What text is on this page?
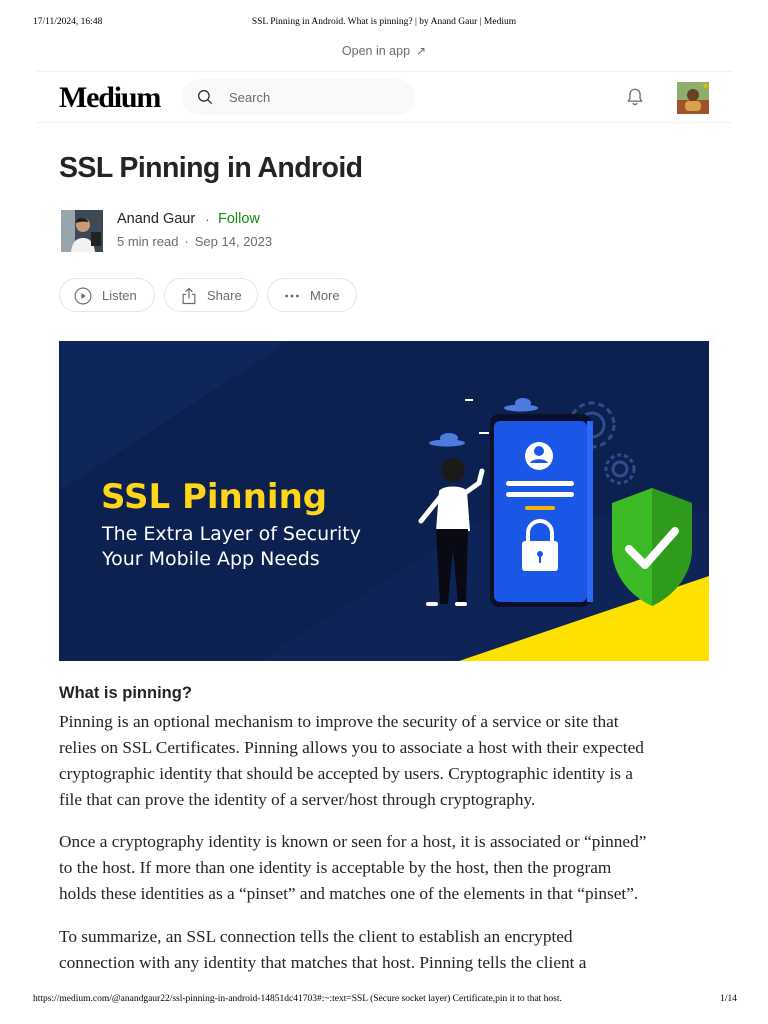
17/11/2024, 16:48	SSL Pinning in Android. What is pinning? | by Anand Gaur | Medium
Open in app ↗
Medium	Search
✦
SSL Pinning in Android
Anand Gaur · Follow
5 min read · Sep 14, 2023
Listen	Share	More
SSL Pinning
The Extra Layer of Security
Your Mobile App Needs
What is pinning?
Pinning is an optional mechanism to improve the security of a service or site that
relies on SSL Certificates. Pinning allows you to associate a host with their expected
cryptographic identity that should be accepted by users. Cryptographic identity is a
file that can prove the identity of a server/host through cryptography.
Once a cryptography identity is known or seen for a host, it is associated or “pinned”
to the host. If more than one identity is acceptable by the host, then the program
holds these identities as a “pinset” and matches one of the elements in that “pinset”.
To summarize, an SSL connection tells the client to establish an encrypted
connection with any identity that matches that host. Pinning tells the client a
https://medium.com/@anandgaur22/ssl-pinning-in-android-14851dc41703#:~:text=SSL (Secure socket layer) Certificate,pin it to that host.	1/14
